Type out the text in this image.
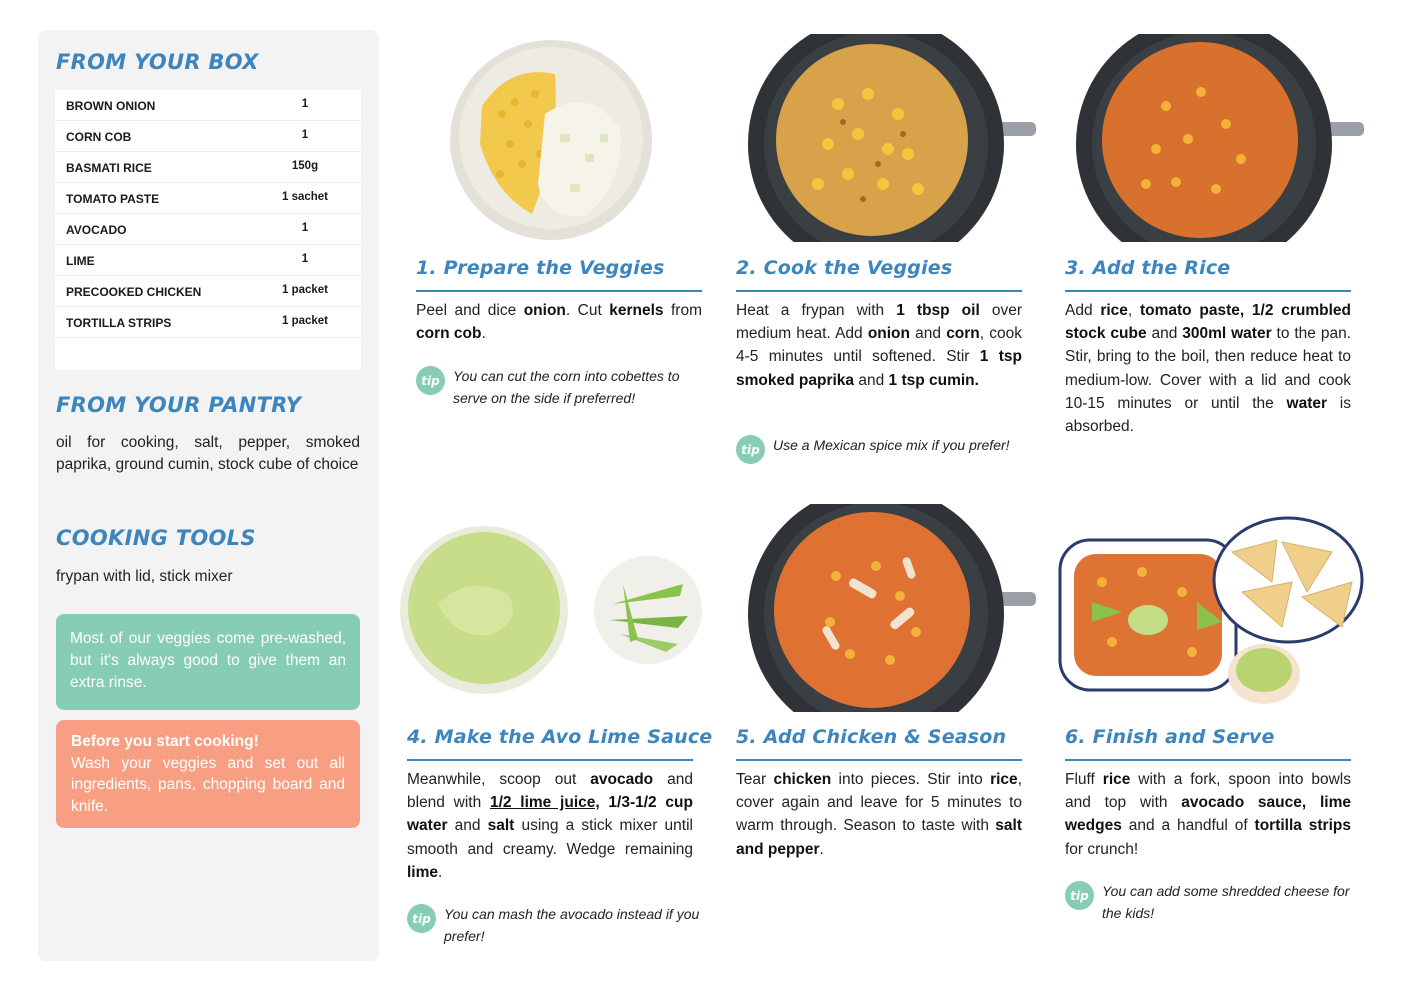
FROM YOUR BOX
BROWN ONION	1
CORN COB	1
BASMATI RICE	150g
TOMATO PASTE	1 sachet
AVOCADO	1
LIME	1
PRECOOKED CHICKEN	1 packet
TORTILLA STRIPS	1 packet
FROM YOUR PANTRY
oil for cooking, salt, pepper, smoked paprika, ground cumin, stock cube of choice
COOKING TOOLS
frypan with lid, stick mixer
Most of our veggies come pre-washed, but it's always good to give them an extra rinse.
Before you start cooking!
Wash your veggies and set out all ingredients, pans, chopping board and knife.
1. Prepare the Veggies
Peel and dice onion. Cut kernels from corn cob.
tip You can cut the corn into cobettes to serve on the side if preferred!
2. Cook the Veggies
Heat a frypan with 1 tbsp oil over medium heat. Add onion and corn, cook 4-5 minutes until softened. Stir 1 tsp smoked paprika and 1 tsp cumin.
tip Use a Mexican spice mix if you prefer!
3. Add the Rice
Add rice, tomato paste, 1/2 crumbled stock cube and 300ml water to the pan. Stir, bring to the boil, then reduce heat to medium-low. Cover with a lid and cook 10-15 minutes or until the water is absorbed.
4. Make the Avo Lime Sauce
Meanwhile, scoop out avocado and blend with 1/2 lime juice, 1/3-1/2 cup water and salt using a stick mixer until smooth and creamy. Wedge remaining lime.
tip You can mash the avocado instead if you prefer!
5. Add Chicken & Season
Tear chicken into pieces. Stir into rice, cover again and leave for 5 minutes to warm through. Season to taste with salt and pepper.
6. Finish and Serve
Fluff rice with a fork, spoon into bowls and top with avocado sauce, lime wedges and a handful of tortilla strips for crunch!
tip You can add some shredded cheese for the kids!
